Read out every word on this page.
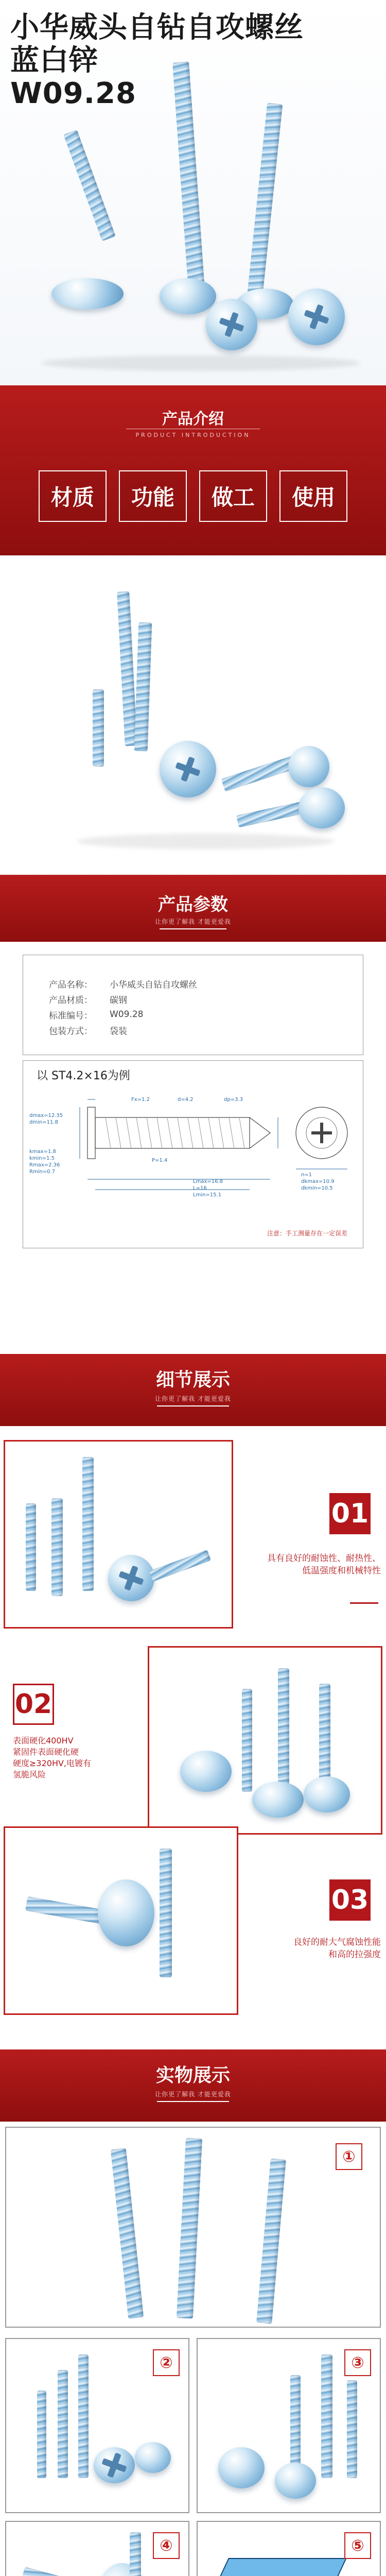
小华威头自钻自攻螺丝
蓝白锌
W09.28
产品介绍
PRODUCT INTRODUCTION
材质	功能	做工	使用
产品参数
让你更了解我 才能更爱我
产品名称：	小华威头自钻自攻螺丝
产品材质：	碳钢
标准编号：	W09.28
包装方式：	袋装
以 ST4.2×16为例
dmax=12.35
dmin=11.8
kmax=1.8
kmin=1.5
Rmax=2.36
Rmin=0.7
Fx=1.2	d=4.2	dp=3.3
P=1.4
Lmax=16.8
L=16
Lmin=15.1
n=1
dkmax=10.9
dkmin=10.5
注意：手工测量存在一定误差
细节展示
让你更了解我 才能更爱我
01
具有良好的耐蚀性、耐热性、
低温强度和机械特性
02
表面硬化400HV
紧固件表面硬化硬
硬度≥320HV,电镀有
氢脆风险
03
良好的耐大气腐蚀性能
和高的拉强度
实物展示
让你更了解我 才能更爱我
①
②	③
④	⑤
